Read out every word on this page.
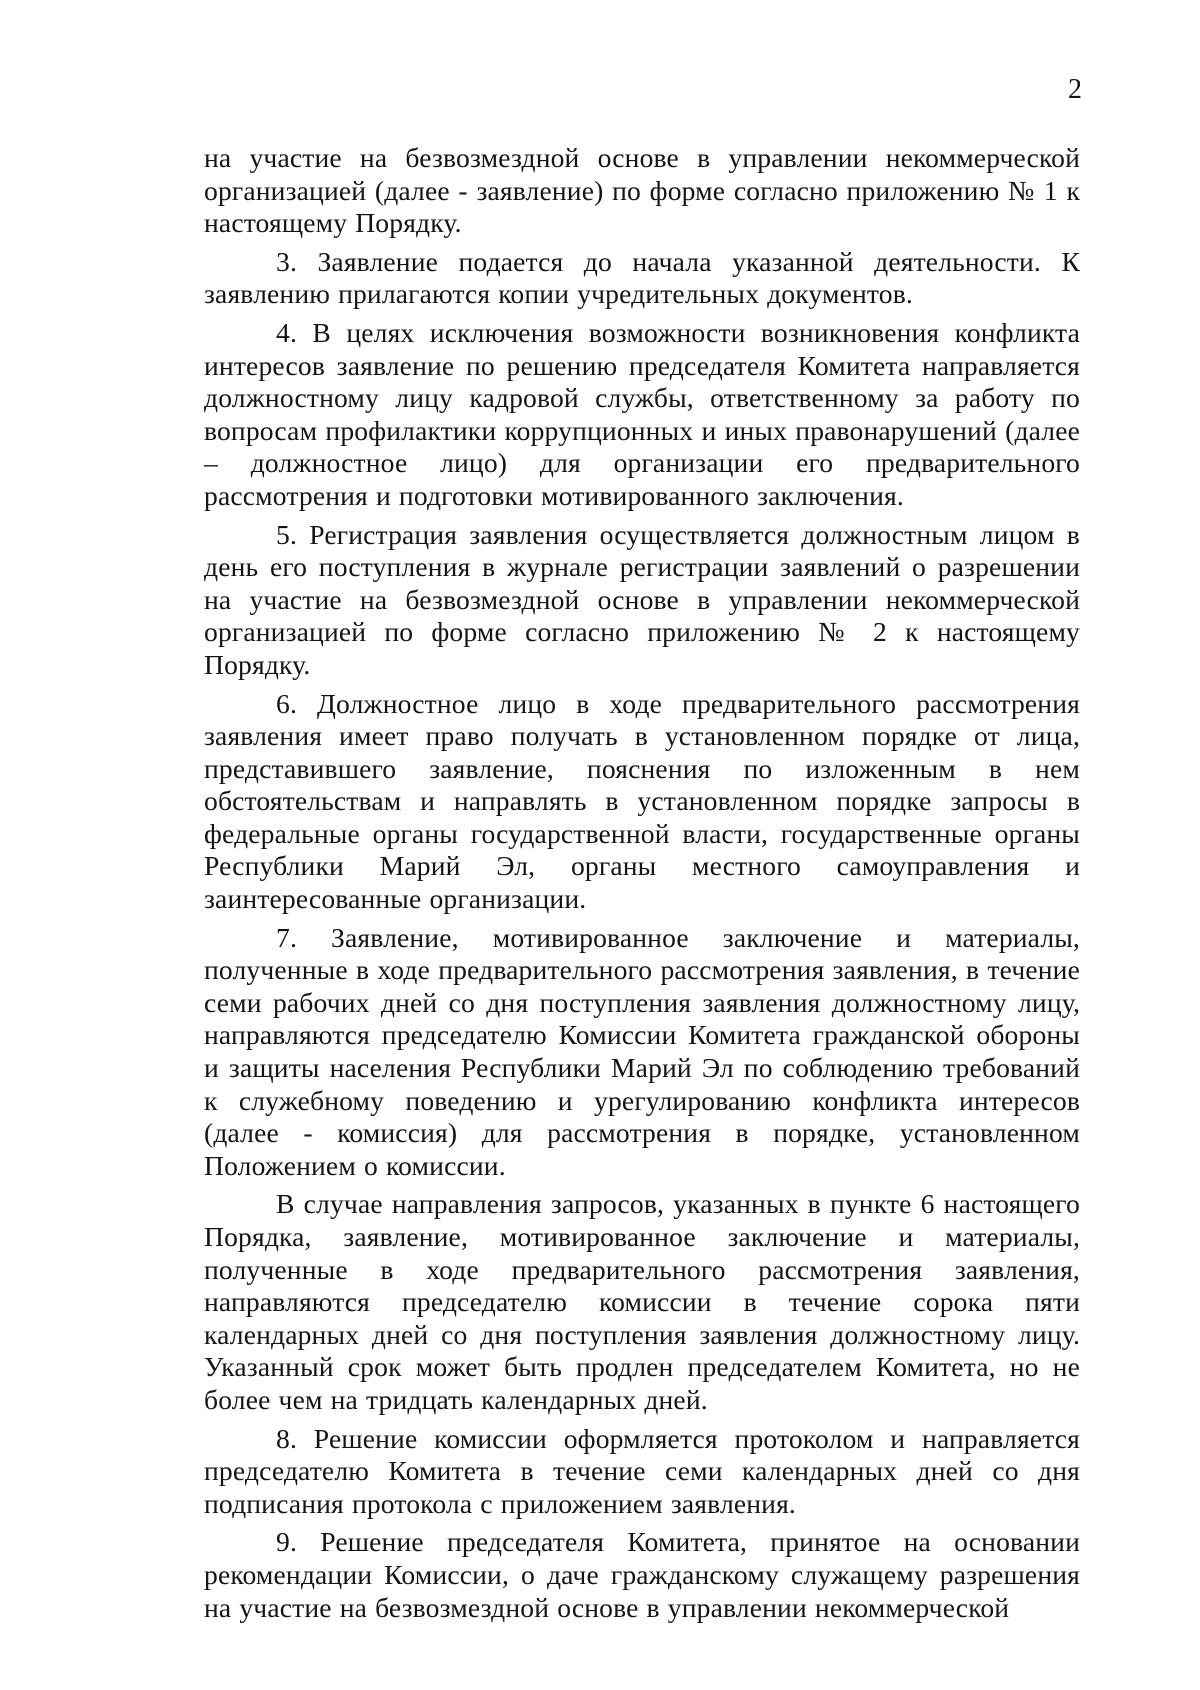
2

на участие на безвозмездной основе в управлении некоммерческой организацией (далее - заявление) по форме согласно приложению № 1 к настоящему Порядку.

3. Заявление подается до начала указанной деятельности. К заявлению прилагаются копии учредительных документов.

4. В целях исключения возможности возникновения конфликта интересов заявление по решению председателя Комитета направляется должностному лицу кадровой службы, ответственному за работу по вопросам профилактики коррупционных и иных правонарушений (далее – должностное лицо) для организации его предварительного рассмотрения и подготовки мотивированного заключения.

5. Регистрация заявления осуществляется должностным лицом в день его поступления в журнале регистрации заявлений о разрешении на участие на безвозмездной основе в управлении некоммерческой организацией по форме согласно приложению № 2 к настоящему Порядку.

6. Должностное лицо в ходе предварительного рассмотрения заявления имеет право получать в установленном порядке от лица, представившего заявление, пояснения по изложенным в нем обстоятельствам и направлять в установленном порядке запросы в федеральные органы государственной власти, государственные органы Республики Марий Эл, органы местного самоуправления и заинтересованные организации.

7. Заявление, мотивированное заключение и материалы, полученные в ходе предварительного рассмотрения заявления, в течение семи рабочих дней со дня поступления заявления должностному лицу, направляются председателю Комиссии Комитета гражданской обороны и защиты населения Республики Марий Эл по соблюдению требований к служебному поведению и урегулированию конфликта интересов (далее - комиссия) для рассмотрения в порядке, установленном Положением о комиссии.

В случае направления запросов, указанных в пункте 6 настоящего Порядка, заявление, мотивированное заключение и материалы, полученные в ходе предварительного рассмотрения заявления, направляются председателю комиссии в течение сорока пяти календарных дней со дня поступления заявления должностному лицу. Указанный срок может быть продлен председателем Комитета, но не более чем на тридцать календарных дней.

8. Решение комиссии оформляется протоколом и направляется председателю Комитета в течение семи календарных дней со дня подписания протокола с приложением заявления.

9. Решение председателя Комитета, принятое на основании рекомендации Комиссии, о даче гражданскому служащему разрешения на участие на безвозмездной основе в управлении некоммерческой
